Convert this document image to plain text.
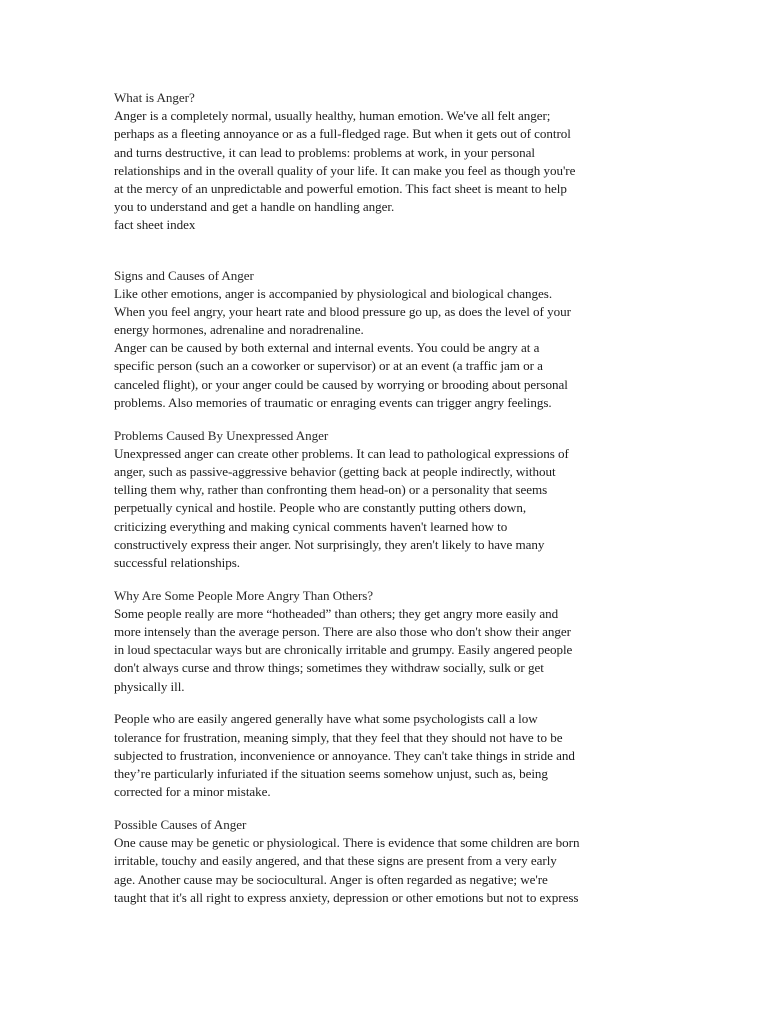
What is Anger?
Anger is a completely normal, usually healthy, human emotion. We've all felt anger;
perhaps as a fleeting annoyance or as a full-fledged rage. But when it gets out of control
and turns destructive, it can lead to problems: problems at work, in your personal
relationships and in the overall quality of your life. It can make you feel as though you're
at the mercy of an unpredictable and powerful emotion. This fact sheet is meant to help
you to understand and get a handle on handling anger.
fact sheet index
Signs and Causes of Anger
Like other emotions, anger is accompanied by physiological and biological changes.
When you feel angry, your heart rate and blood pressure go up, as does the level of your
energy hormones, adrenaline and noradrenaline.
Anger can be caused by both external and internal events. You could be angry at a
specific person (such an a coworker or supervisor) or at an event (a traffic jam or a
canceled flight), or your anger could be caused by worrying or brooding about personal
problems. Also memories of traumatic or enraging events can trigger angry feelings.
Problems Caused By Unexpressed Anger
Unexpressed anger can create other problems. It can lead to pathological expressions of
anger, such as passive-aggressive behavior (getting back at people indirectly, without
telling them why, rather than confronting them head-on) or a personality that seems
perpetually cynical and hostile. People who are constantly putting others down,
criticizing everything and making cynical comments haven't learned how to
constructively express their anger. Not surprisingly, they aren't likely to have many
successful relationships.
Why Are Some People More Angry Than Others?
Some people really are more “hotheaded” than others; they get angry more easily and
more intensely than the average person. There are also those who don't show their anger
in loud spectacular ways but are chronically irritable and grumpy. Easily angered people
don't always curse and throw things; sometimes they withdraw socially, sulk or get
physically ill.
People who are easily angered generally have what some psychologists call a low
tolerance for frustration, meaning simply, that they feel that they should not have to be
subjected to frustration, inconvenience or annoyance. They can't take things in stride and
they’re particularly infuriated if the situation seems somehow unjust, such as, being
corrected for a minor mistake.
Possible Causes of Anger
One cause may be genetic or physiological. There is evidence that some children are born
irritable, touchy and easily angered, and that these signs are present from a very early
age. Another cause may be sociocultural. Anger is often regarded as negative; we're
taught that it's all right to express anxiety, depression or other emotions but not to express
